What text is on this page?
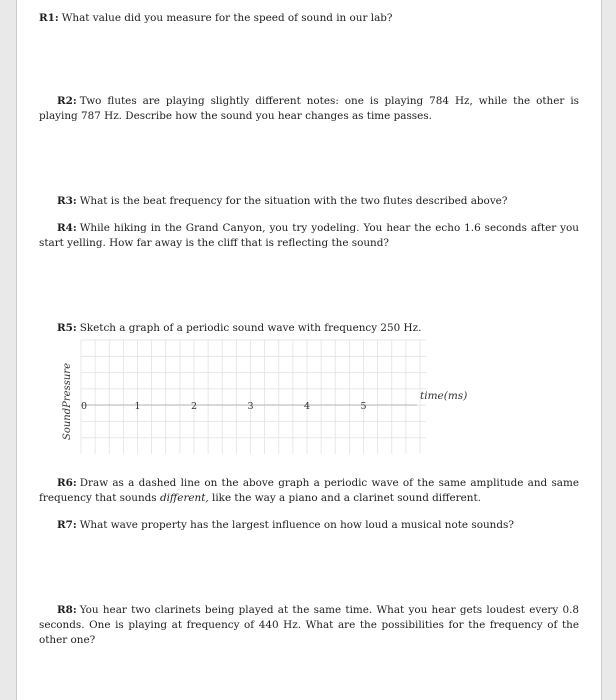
R1: What value did you measure for the speed of sound in our lab?

R2: Two flutes are playing slightly different notes: one is playing 784 Hz, while the other is playing 787 Hz. Describe how the sound you hear changes as time passes.

R3: What is the beat frequency for the situation with the two flutes described above?

R4: While hiking in the Grand Canyon, you try yodeling. You hear the echo 1.6 seconds after you start yelling. How far away is the cliff that is reflecting the sound?

R5: Sketch a graph of a periodic sound wave with frequency 250 Hz.

0	1	2	3	4	5
time(ms)
SoundPressure

R6: Draw as a dashed line on the above graph a periodic wave of the same amplitude and same frequency that sounds different, like the way a piano and a clarinet sound different.

R7: What wave property has the largest influence on how loud a musical note sounds?

R8: You hear two clarinets being played at the same time. What you hear gets loudest every 0.8 seconds. One is playing at frequency of 440 Hz. What are the possibilities for the frequency of the other one?
